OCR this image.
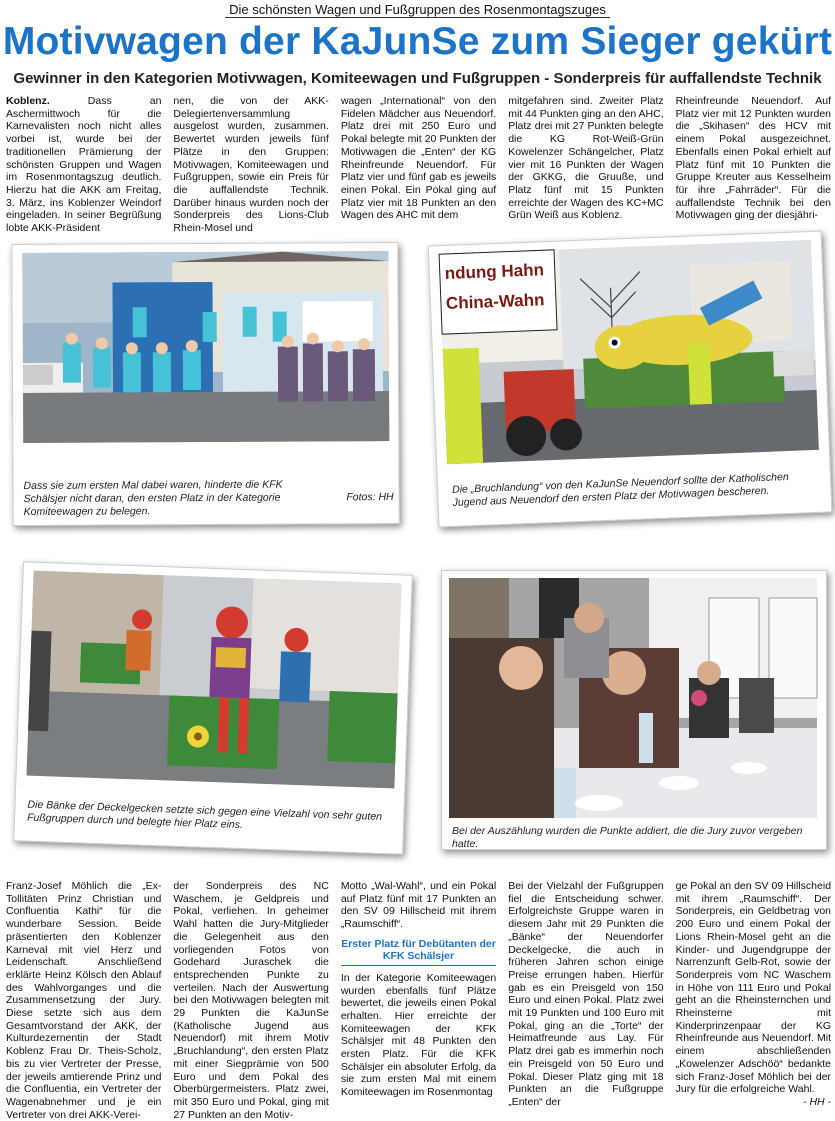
Die schönsten Wagen und Fußgruppen des Rosenmontagszuges
Motivwagen der KaJunSe zum Sieger gekürt
Gewinner in den Kategorien Motivwagen, Komiteewagen und Fußgruppen - Sonderpreis für auffallendste Technik
Koblenz. Dass an Aschermittwoch für die Karnevalisten noch nicht alles vorbei ist, wurde bei der traditionellen Prämierung der schönsten Gruppen und Wagen im Rosenmontagszug deutlich. Hierzu hat die AKK am Freitag, 3. März, ins Koblenzer Weindorf eingeladen. In seiner Begrüßung lobte AKK-Präsident
nen, die von der AKK-Delegiertenversammlung ausgelost wurden, zusammen. Bewertet wurden jeweils fünf Plätze in den Gruppen: Motivwagen, Komiteewagen und Fußgruppen, sowie ein Preis für die auffallendste Technik. Darüber hinaus wurden noch der Sonderpreis des Lions-Club Rhein-Mosel und
wagen „International“ von den Fidelen Mädcher aus Neuendorf. Platz drei mit 250 Euro und Pokal belegte mit 20 Punkten der Motivwagen die „Enten“ der KG Rheinfreunde Neuendorf. Für Platz vier und fünf gab es jeweils einen Pokal. Ein Pokal ging auf Platz vier mit 18 Punkten an den Wagen des AHC mit dem
mitgefahren sind. Zweiter Platz mit 44 Punkten ging an den AHC, Platz drei mit 27 Punkten belegte die KG Rot-Weiß-Grün Kowelenzer Schängelcher, Platz vier mit 16 Punkten der Wagen der GKKG, die Gruuße, und Platz fünf mit 15 Punkten erreichte der Wagen des KC+MC Grün Weiß aus Koblenz.
Rheinfreunde Neuendorf. Auf Platz vier mit 12 Punkten wurden die „Skihasen“ des HCV mit einem Pokal ausgezeichnet. Ebenfalls einen Pokal erhielt auf Platz fünf mit 10 Punkten die Gruppe Kreuter aus Kesselheim für ihre „Fahrräder“. Für die auffallendste Technik bei den Motivwagen ging der diesjähri-
Dass sie zum ersten Mal dabei waren, hinderte die KFK Schälsjer nicht daran, den ersten Platz in der Kategorie Komiteewagen zu belegen.
Fotos: HH
ndung Hahn
China-Wahn
Die „Bruchlandung“ von den KaJunSe Neuendorf sollte der Katholischen Jugend aus Neuendorf den ersten Platz der Motivwagen bescheren.
Die Bänke der Deckelgecken setzte sich gegen eine Vielzahl von sehr guten Fußgruppen durch und belegte hier Platz eins.	Bei der Auszählung wurden die Punkte addiert, die die Jury zuvor vergeben hatte.
Franz-Josef Möhlich die „Ex-Tollitäten Prinz Christian und Confluentia Kathi“ für die wunderbare Session. Beide präsentierten den Koblenzer Karneval mit viel Herz und Leidenschaft. Anschließend erklärte Heinz Kölsch den Ablauf des Wahlvorganges und die Zusammensetzung der Jury. Diese setzte sich aus dem Gesamtvorstand der AKK, der Kulturdezernentin der Stadt Koblenz Frau Dr. Theis-Scholz, bis zu vier Vertreter der Presse, der jeweils amtierende Prinz und die Confluentia, ein Vertreter der Wagenabnehmer und je ein Vertreter von drei AKK-Verei-
der Sonderpreis des NC Waschem, je Geldpreis und Pokal, verliehen. In geheimer Wahl hatten die Jury-Mitglieder die Gelegenheit aus den vorliegenden Fotos von Godehard Juraschek die entsprechenden Punkte zu verteilen. Nach der Auswertung bei den Motivwagen belegten mit 29 Punkten die KaJunSe (Katholische Jugend aus Neuendorf) mit ihrem Motiv „Bruchlandung“, den ersten Platz mit einer Siegprämie von 500 Euro und dem Pokal des Oberbürgermeisters. Platz zwei, mit 350 Euro und Pokal, ging mit 27 Punkten an den Motiv-
Motto „Wal-Wahl“, und ein Pokal auf Platz fünf mit 17 Punkten an den SV 09 Hillscheid mit ihrem „Raumschiff“.
Erster Platz für Debütanten der KFK Schälsjer
In der Kategorie Komiteewagen wurden ebenfalls fünf Plätze bewertet, die jeweils einen Pokal erhalten. Hier erreichte der Komiteewagen der KFK Schälsjer mit 48 Punkten den ersten Platz. Für die KFK Schälsjer ein absoluter Erfolg, da sie zum ersten Mal mit einem Komiteewagen im Rosenmontag
Bei der Vielzahl der Fußgruppen fiel die Entscheidung schwer. Erfolgreichste Gruppe waren in diesem Jahr mit 29 Punkten die „Bänke“ der Neuendorfer Deckelgecke, die auch in früheren Jahren schon einige Preise errungen haben. Hierfür gab es ein Preisgeld von 150 Euro und einen Pokal. Platz zwei mit 19 Punkten und 100 Euro mit Pokal, ging an die „Torte“ der Heimatfreunde aus Lay. Für Platz drei gab es immerhin noch ein Preisgeld von 50 Euro und Pokal. Dieser Platz ging mit 18 Punkten an die Fußgruppe „Enten“ der
ge Pokal an den SV 09 Hillscheid mit ihrem „Raumschiff“. Der Sonderpreis, ein Geldbetrag von 200 Euro und einem Pokal der Lions Rhein-Mosel geht an die Kinder- und Jugendgruppe der Narrenzunft Gelb-Rot, sowie der Sonderpreis vom NC Waschem in Höhe von 111 Euro und Pokal geht an die Rheinsternchen und Rheinsterne mit Kinderprinzenpaar der KG Rheinfreunde aus Neuendorf. Mit einem abschließenden „Kowelenzer Adschöö“ bedankte sich Franz-Josef Möhlich bei der Jury für die erfolgreiche Wahl.
- HH -
